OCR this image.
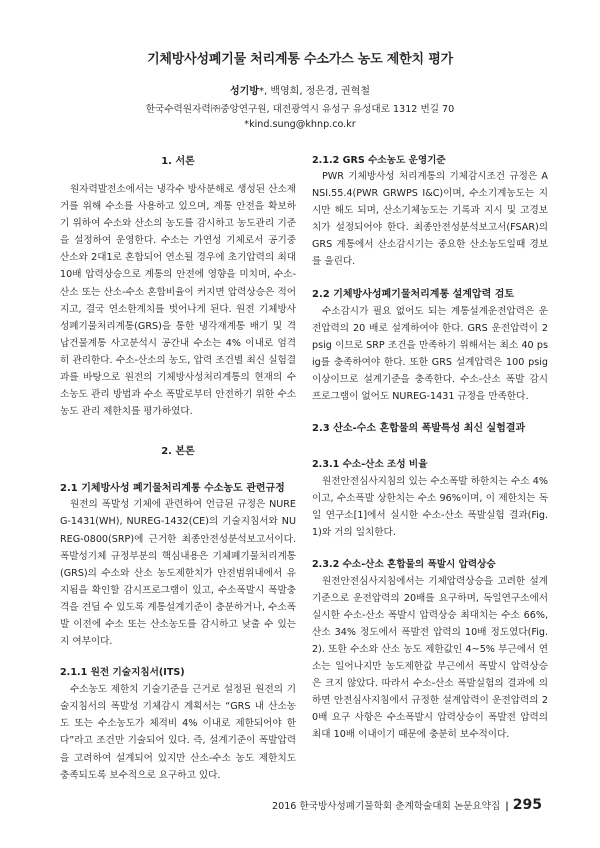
기체방사성폐기물 처리계통 수소가스 농도 제한치 평가
성기방*, 백영희, 정은경, 권혁철
한국수력원자력㈜중앙연구원, 대전광역시 유성구 유성대로 1312 번길 70
*kind.sung@khnp.co.kr
1. 서론

원자력발전소에서는 냉각수 방사분해로 생성된 산소제거를 위해 수소를 사용하고 있으며, 계통 안전을 확보하기 위하여 수소와 산소의 농도를 감시하고 농도관리 기준을 설정하여 운영한다. 수소는 가연성 기체로서 공기중 산소와 2대1로 혼합되어 연소될 경우에 초기압력의 최대 10배 압력상승으로 계통의 안전에 영향을 미치며, 수소-산소 또는 산소-수소 혼합비율이 커지면 압력상승은 적어지고, 결국 연소한계치를 벗어나게 된다. 원전 기체방사성폐기물처리계통(GRS)을 통한 냉각재계통 배기 및 격납건물계통 사고분석시 공간내 수소는 4% 이내로 엄격히 관리한다. 수소-산소의 농도, 압력 조건별 최신 실험결과를 바탕으로 원전의 기체방사성처리계통의 현재의 수소농도 관리 방법과 수소 폭발로부터 안전하기 위한 수소농도 관리 제한치를 평가하였다.

2. 본론
2.1 기체방사성 폐기물처리계통 수소농도 관련규정

원전의 폭발성 기체에 관련하여 언급된 규정은 NUREG-1431(WH), NUREG-1432(CE)의 기술지침서와 NUREG-0800(SRP)에 근거한 최종안전성분석보고서이다. 폭발성기체 규정부분의 핵심내용은 기체폐기물처리계통(GRS)의 수소와 산소 농도제한치가 안전범위내에서 유지됨을 확인할 감시프로그램이 있고, 수소폭발시 폭발충격을 견딜 수 있도록 계통설계기준이 충분하거나, 수소폭발 이전에 수소 또는 산소농도를 감시하고 낮출 수 있는지 여부이다.

2.1.1 원전 기술지침서(ITS)

수소농도 제한치 기술기준을 근거로 설정된 원전의 기술지침서의 폭발성 기체감시 계획서는 “GRS 내 산소농도 또는 수소농도가 체적비 4% 이내로 제한되어야 한다”라고 조건만 기술되어 있다. 즉, 설계기준이 폭발압력을 고려하여 설계되어 있지만 산소-수소 농도 제한치도 충족되도록 보수적으로 요구하고 있다.

2.1.2 GRS 수소농도 운영기준

PWR 기체방사성 처리계통의 기체감시조건 규정은 ANSI.55.4(PWR GRWPS I&C)이며, 수소기계농도는 지시만 해도 되며, 산소기체농도는 기록과 지시 및 고경보치가 설정되어야 한다. 최종안전성분석보고서(FSAR)의 GRS 계통에서 산소감시기는 중요한 산소농도일때 경보를 울린다.

2.2 기체방사성폐기물처리계통 설계압력 검토

수소감시가 필요 없어도 되는 계통설계운전압력은 운전압력의 20 배로 설계하여야 한다. GRS 운전압력이 2 psig 이므로 SRP 조건을 만족하기 위해서는 최소 40 psig를 충족하여야 한다. 또한 GRS 설계압력은 100 psig 이상이므로 설계기준을 충족한다. 수소-산소 폭발 감시 프로그램이 없어도 NUREG-1431 규정을 만족한다.

2.3 산소-수소 혼합물의 폭발특성 최신 실험결과
2.3.1 수소-산소 조성 비율

원전안전심사지침의 있는 수소폭발 하한치는 수소 4%이고, 수소폭발 상한치는 수소 96%이며, 이 제한치는 독일 연구소[1]에서 실시한 수소-산소 폭발실험 결과(Fig. 1)와 거의 일치한다.

2.3.2 수소-산소 혼합물의 폭발시 압력상승

원전안전심사지침에서는 기체압력상승을 고려한 설계기준으로 운전압력의 20배를 요구하며, 독일연구소에서 실시한 수소-산소 폭발시 압력상승 최대치는 수소 66%, 산소 34% 정도에서 폭발전 압력의 10배 정도였다(Fig.2). 또한 수소와 산소 농도 제한값인 4~5% 부근에서 연소는 일어나지만 농도제한값 부근에서 폭발시 압력상승은 크지 않았다. 따라서 수소-산소 폭발실험의 결과에 의하면 안전심사지침에서 규정한 설계압력이 운전압력의 20배 요구 사항은 수소폭발시 압력상승이 폭발전 압력의 최대 10배 이내이기 때문에 충분히 보수적이다.

2016 한국방사성폐기물학회 춘계학술대회 논문요약집 | 295
